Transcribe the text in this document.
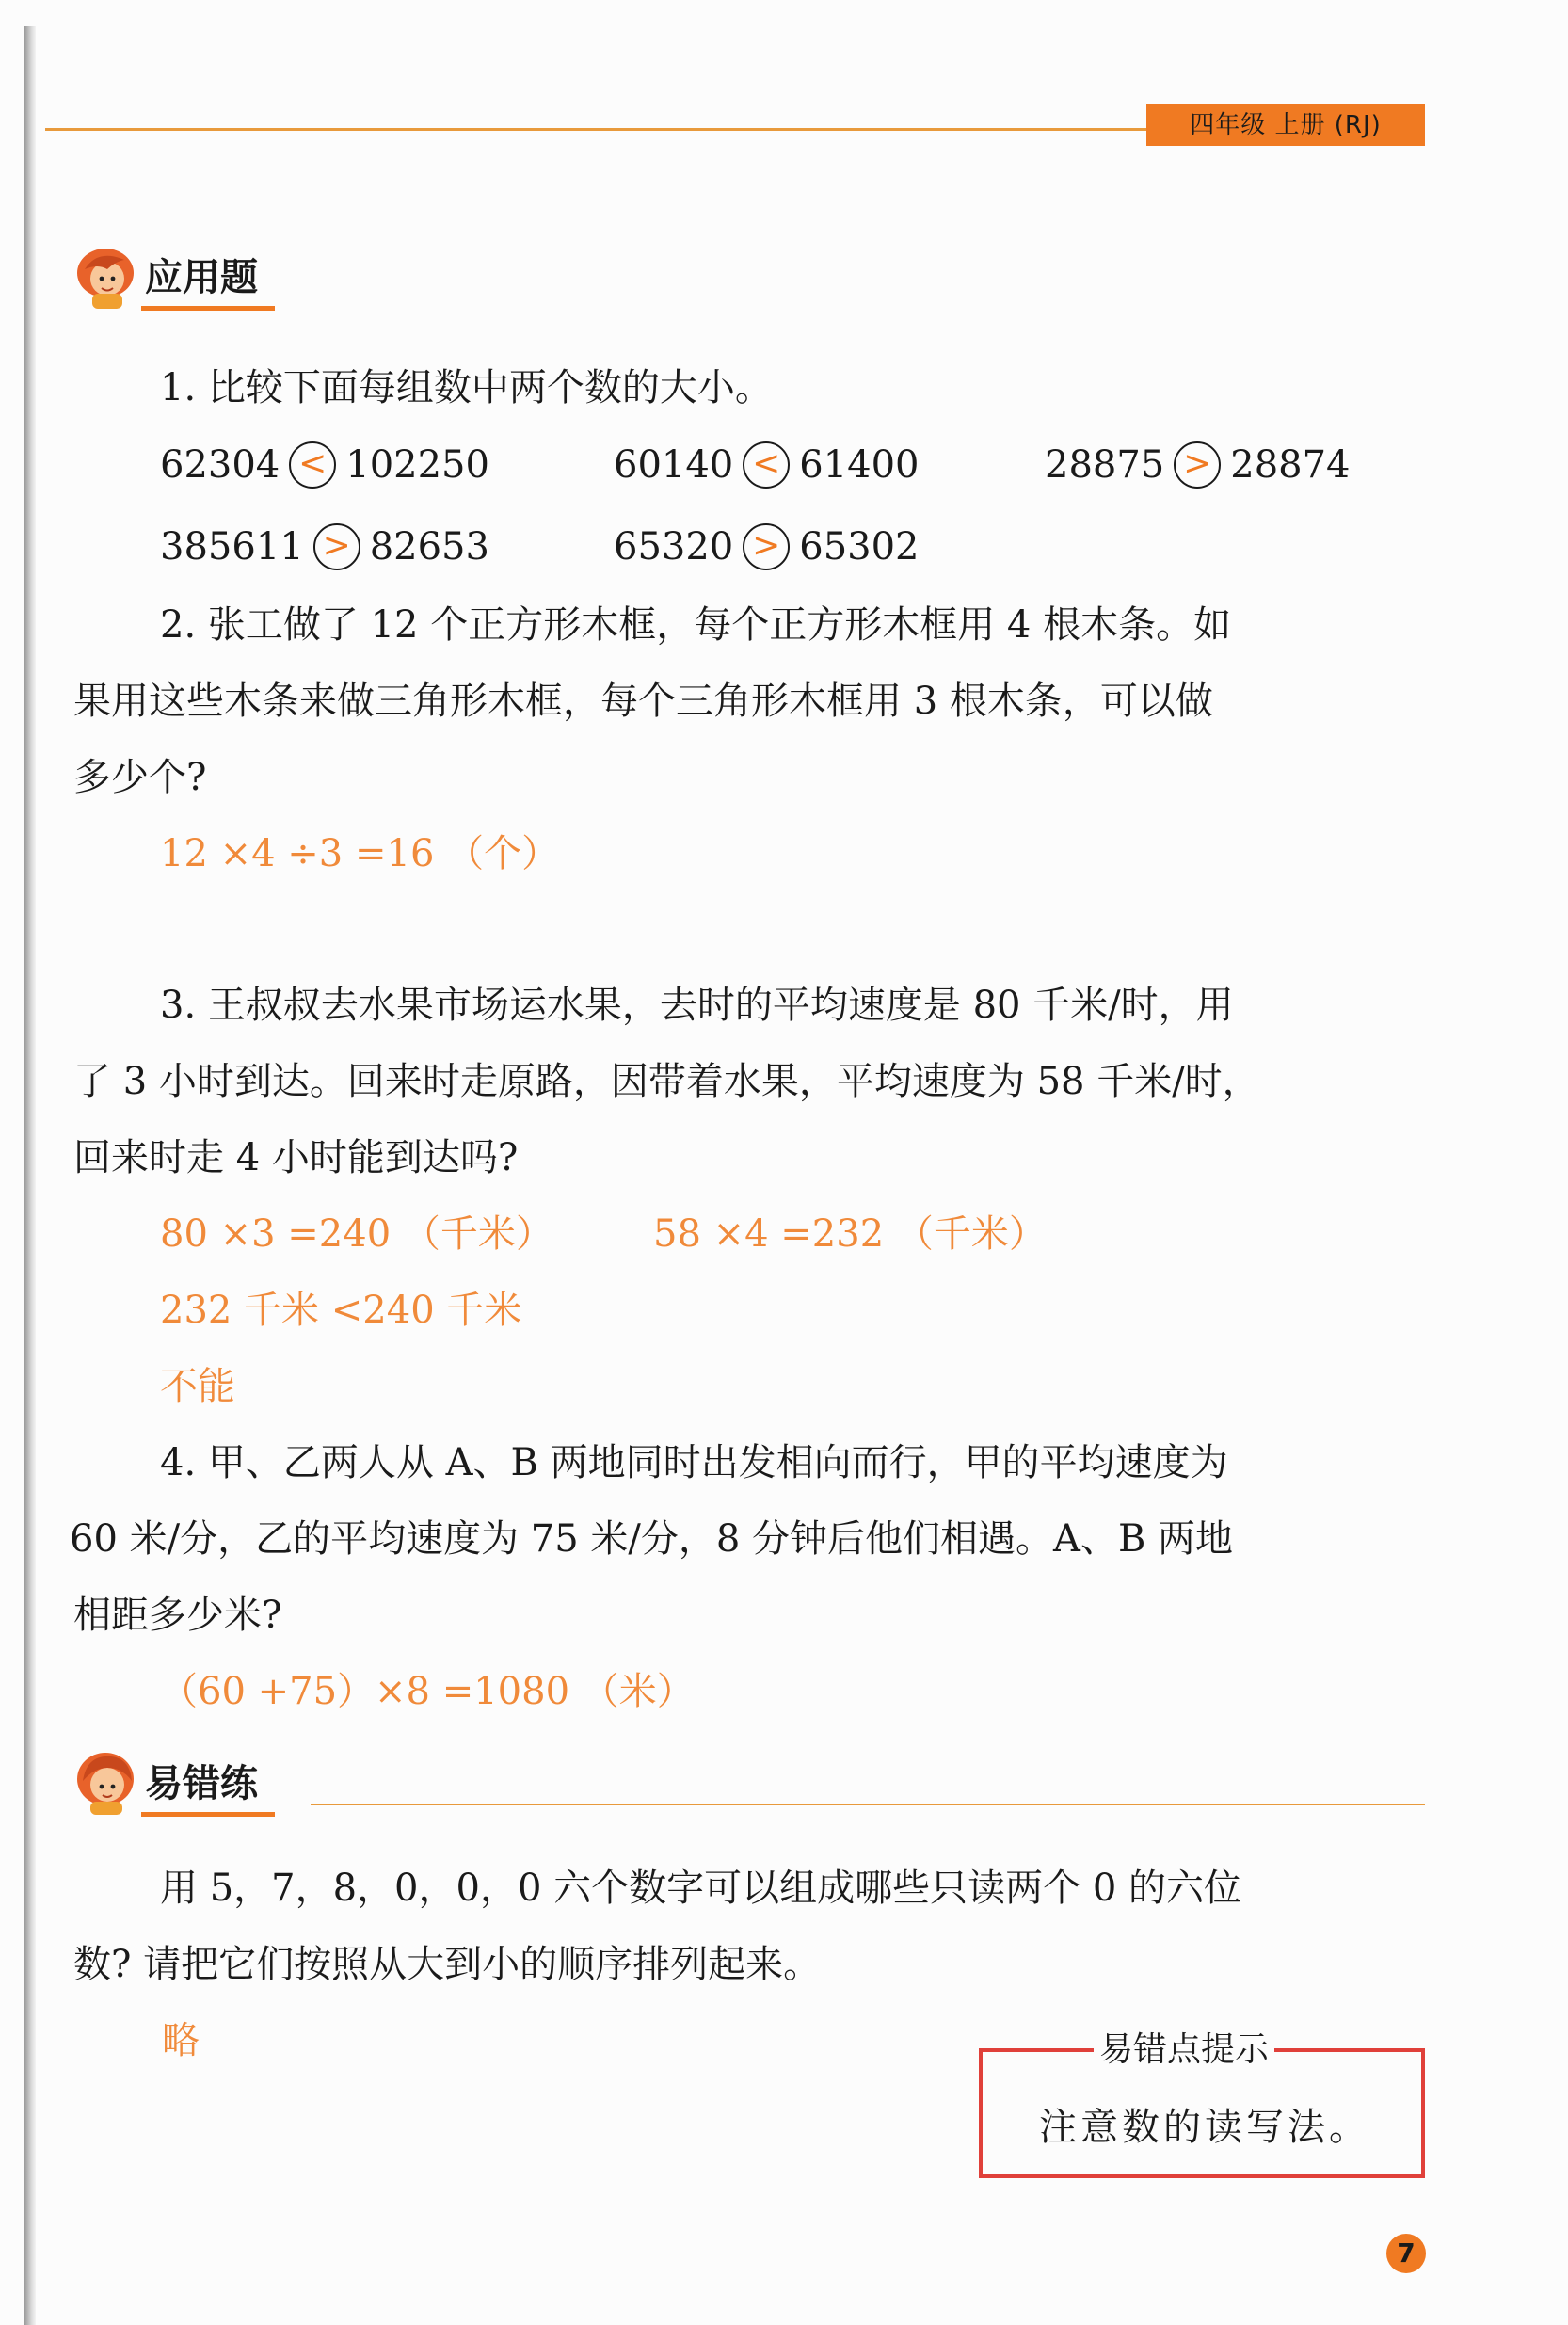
四年级 上册 (RJ)
应用题
1. 比较下面每组数中两个数的大小。
62304 < 102250	60140 < 61400	28875 > 28874
385611 > 82653	65320 > 65302
2. 张工做了 12 个正方形木框，每个正方形木框用 4 根木条。如
果用这些木条来做三角形木框，每个三角形木框用 3 根木条，可以做
多少个?
12 ×4 ÷3 =16 （个）
3. 王叔叔去水果市场运水果，去时的平均速度是 80 千米/时，用
了 3 小时到达。回来时走原路，因带着水果，平均速度为 58 千米/时，
回来时走 4 小时能到达吗?
80 ×3 =240 （千米）	58 ×4 =232 （千米）
232 千米 <240 千米
不能
4. 甲、乙两人从 A、B 两地同时出发相向而行，甲的平均速度为
60 米/分，乙的平均速度为 75 米/分，8 分钟后他们相遇。A、B 两地
相距多少米?
（60 +75）×8 =1080 （米）
易错练
用 5，7，8，0，0，0 六个数字可以组成哪些只读两个 0 的六位
数? 请把它们按照从大到小的顺序排列起来。
略	易错点提示
注意数的读写法。
7
